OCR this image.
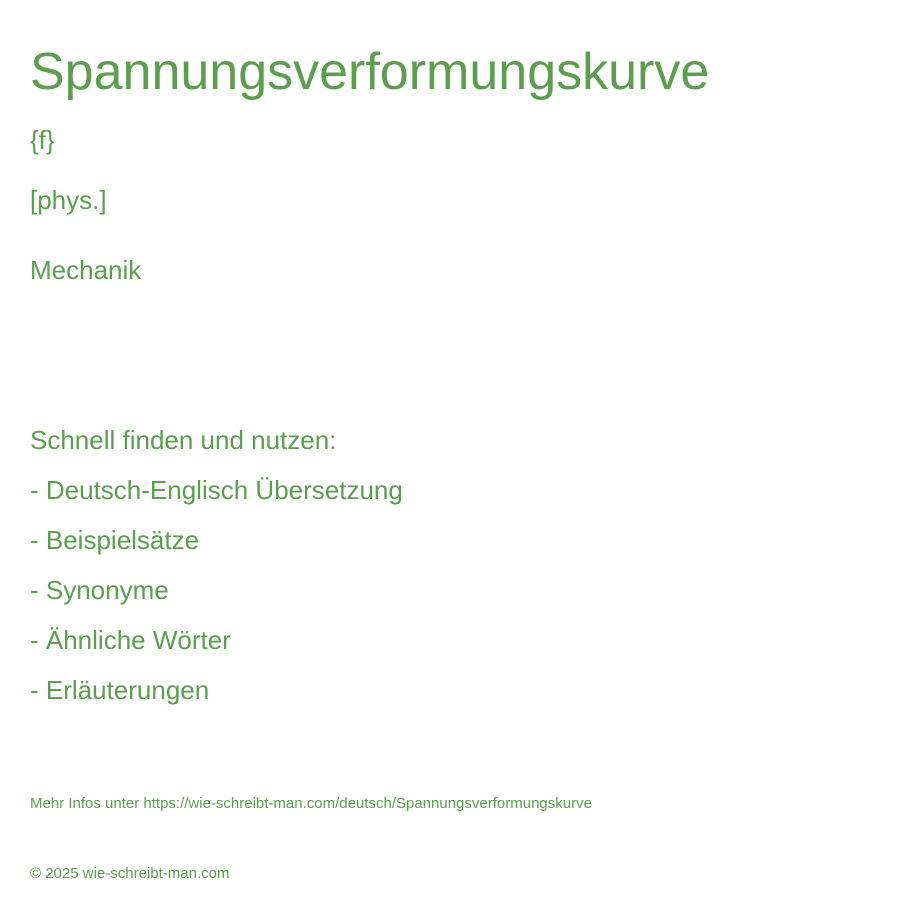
Spannungsverformungskurve
{f}
[phys.]
Mechanik
Schnell finden und nutzen:
- Deutsch-Englisch Übersetzung
- Beispielsätze
- Synonyme
- Ähnliche Wörter
- Erläuterungen
Mehr Infos unter https://wie-schreibt-man.com/deutsch/Spannungsverformungskurve
© 2025 wie-schreibt-man.com
